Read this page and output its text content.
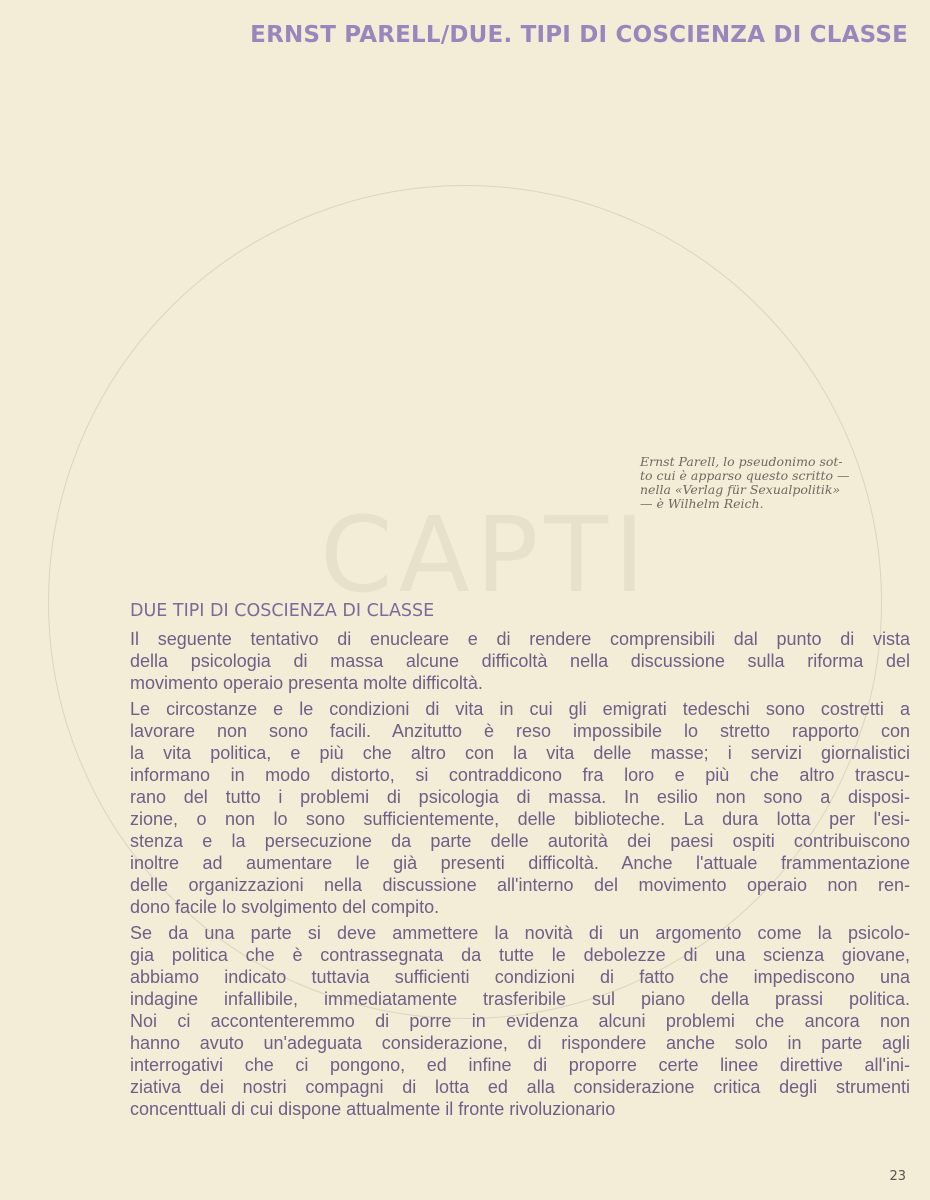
CAPTI
ERNST PARELL/DUE. TIPI DI COSCIENZA DI CLASSE

Ernst Parell, lo pseudonimo sot-

to cui è apparso questo scritto —

nella «Verlag für Sexualpolitik»

— è Wilhelm Reich.

DUE TIPI DI COSCIENZA DI CLASSE
Il seguente tentativo di enucleare e di rendere comprensibili dal punto di vista
della psicologia di massa alcune difficoltà nella discussione sulla riforma del
movimento operaio presenta molte difficoltà.
Le circostanze e le condizioni di vita in cui gli emigrati tedeschi sono costretti a
lavorare non sono facili. Anzitutto è reso impossibile lo stretto rapporto con
la vita politica, e più che altro con la vita delle masse; i servizi giornalistici
informano in modo distorto, si contraddicono fra loro e più che altro trascu-
rano del tutto i problemi di psicologia di massa. In esilio non sono a disposi-
zione, o non lo sono sufficientemente, delle biblioteche. La dura lotta per l'esi-
stenza e la persecuzione da parte delle autorità dei paesi ospiti contribuiscono
inoltre ad aumentare le già presenti difficoltà. Anche l'attuale frammentazione
delle organizzazioni nella discussione all'interno del movimento operaio non ren-
dono facile lo svolgimento del compito.
Se da una parte si deve ammettere la novità di un argomento come la psicolo-
gia politica che è contrassegnata da tutte le debolezze di una scienza giovane,
abbiamo indicato tuttavia sufficienti condizioni di fatto che impediscono una
indagine infallibile, immediatamente trasferibile sul piano della prassi politica.
Noi ci accontenteremmo di porre in evidenza alcuni problemi che ancora non
hanno avuto un'adeguata considerazione, di rispondere anche solo in parte agli
interrogativi che ci pongono, ed infine di proporre certe linee direttive all'ini-
ziativa dei nostri compagni di lotta ed alla considerazione critica degli strumenti
concenttuali di cui dispone attualmente il fronte rivoluzionario
23
